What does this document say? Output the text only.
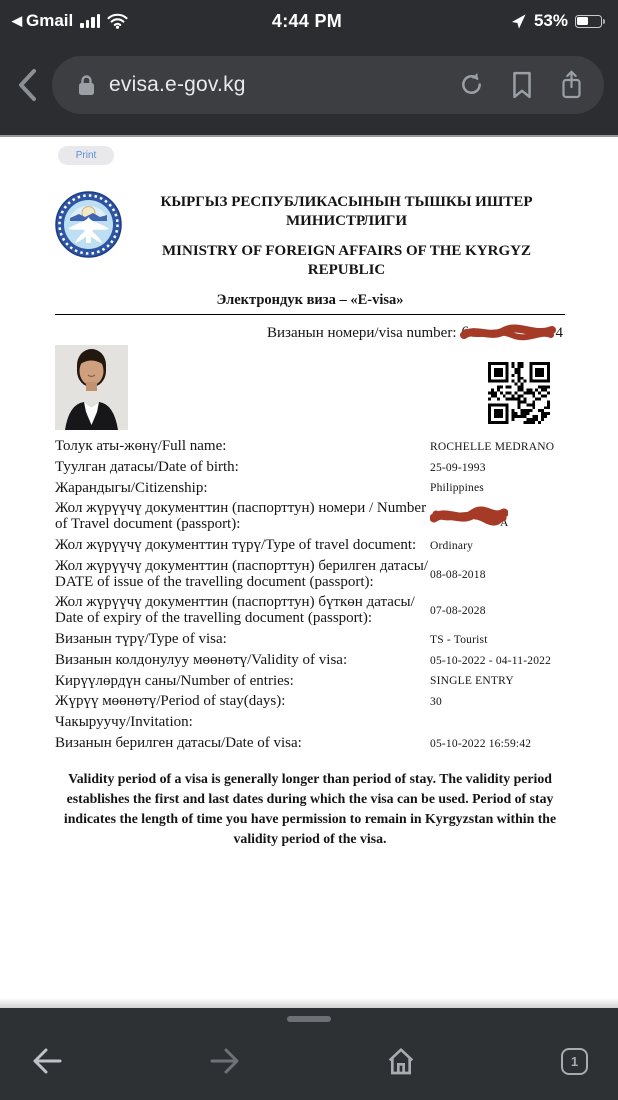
◀ Gmail	4:44 PM	53%
evisa.e-gov.kg
Print
КЫРГЫЗ РЕСПУБЛИКАСЫНЫН ТЫШКЫ ИШТЕР МИНИСТРЛИГИ
MINISTRY OF FOREIGN AFFAIRS OF THE KYRGYZ REPUBLIC
Электрондук виза – «E-visa»
Визанын номери/visa number: 6	4
Толук аты-жөнү/Full name:	ROCHELLE MEDRANO
Туулган датасы/Date of birth:	25-09-1993
Жарандыгы/Citizenship:	Philippines
Жол жүрүүчү документтин (паспорттун) номери / Number of Travel document (passport):	A
Жол жүрүүчү документтин түрү/Type of travel document:	Ordinary
Жол жүрүүчү документтин (паспорттун) берилген датасы/ DATE of issue of the travelling document (passport):	08-08-2018
Жол жүрүүчү документтин (паспорттун) бүткөн датасы/ Date of expiry of the travelling document (passport):	07-08-2028
Визанын түрү/Type of visa:	TS - Tourist
Визанын колдонулуу мөөнөтү/Validity of visa:	05-10-2022 - 04-11-2022
Кирүүлөрдүн саны/Number of entries:	SINGLE ENTRY
Жүрүү мөөнөтү/Period of stay(days):	30
Чакыруучу/Invitation:
Визанын берилген датасы/Date of visa:	05-10-2022 16:59:42

Validity period of a visa is generally longer than period of stay. The validity period establishes the first and last dates during which the visa can be used. Period of stay indicates the length of time you have permission to remain in Kyrgyzstan within the validity period of the visa.

1
